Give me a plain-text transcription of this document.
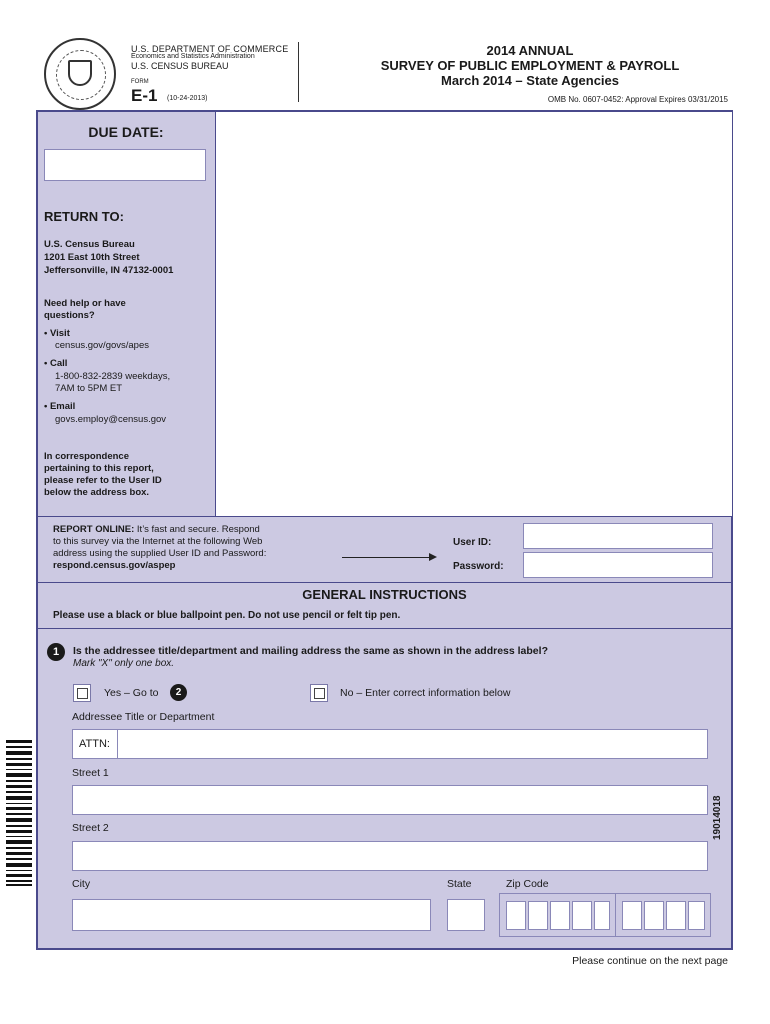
U.S. DEPARTMENT OF COMMERCE
Economics and Statistics Administration
U.S. CENSUS BUREAU
FORM
E-1 (10-24-2013)
2014 ANNUAL
SURVEY OF PUBLIC EMPLOYMENT & PAYROLL
March 2014 – State Agencies
OMB No. 0607-0452: Approval Expires 03/31/2015
DUE DATE:
RETURN TO:
U.S. Census Bureau
1201 East 10th Street
Jeffersonville, IN 47132-0001
Need help or have
questions?
• Visit
census.gov/govs/apes
• Call
1-800-832-2839 weekdays,
7AM to 5PM ET
• Email
govs.employ@census.gov
In correspondence
pertaining to this report,
please refer to the User ID
below the address box.
REPORT ONLINE: It’s fast and secure. Respond
to this survey via the Internet at the following Web
address using the supplied User ID and Password:
respond.census.gov/aspep
User ID:
Password:
GENERAL INSTRUCTIONS
Please use a black or blue ballpoint pen. Do not use pencil or felt tip pen.
1	Is the addressee title/department and mailing address the same as shown in the address label?
Mark "X" only one box.
Yes – Go to	2	No – Enter correct information below
Addressee Title or Department
ATTN:
Street 1
Street 2
City	State	Zip Code
19014018
Please continue on the next page
